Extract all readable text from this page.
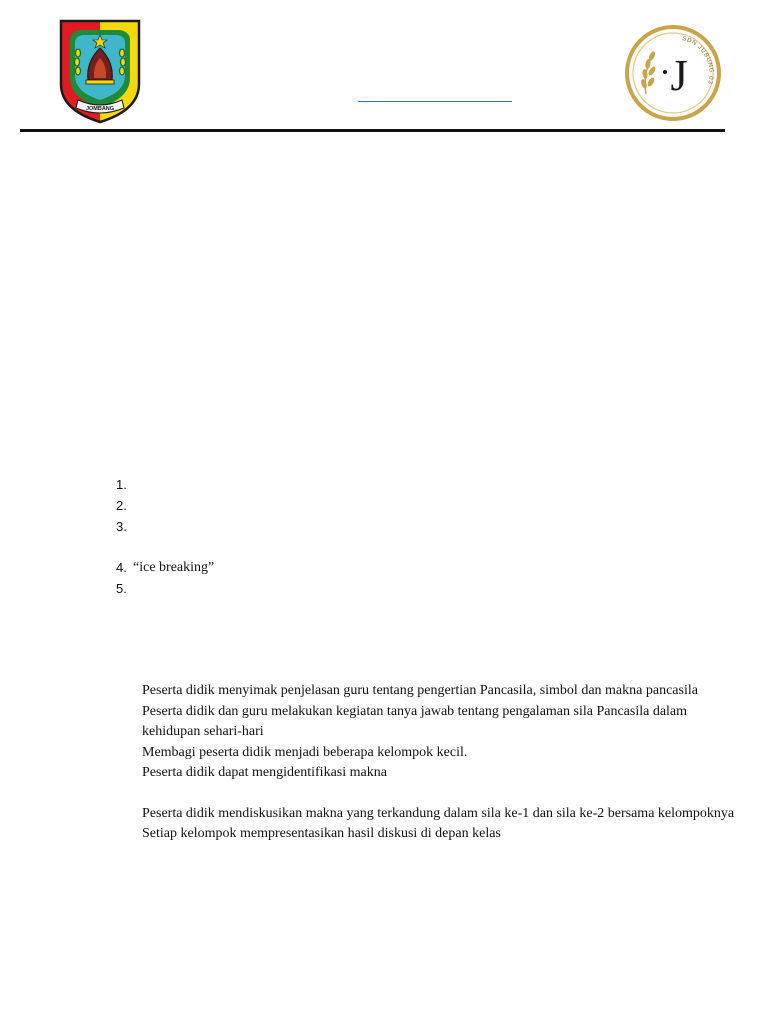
JOMBANG
J
SDN JUBUNG 03
1.
2.
3.
4. “ice breaking”
5.

Peserta didik menyimak penjelasan guru tentang pengertian Pancasila, simbol dan makna pancasila

Peserta didik dan guru melakukan kegiatan tanya jawab tentang pengalaman sila Pancasila dalam kehidupan sehari-hari

Membagi peserta didik menjadi beberapa kelompok kecil.

Peserta didik dapat mengidentifikasi makna

Peserta didik mendiskusikan makna yang terkandung dalam sila ke-1 dan sila ke-2 bersama kelompoknya

Setiap kelompok mempresentasikan hasil diskusi di depan kelas
